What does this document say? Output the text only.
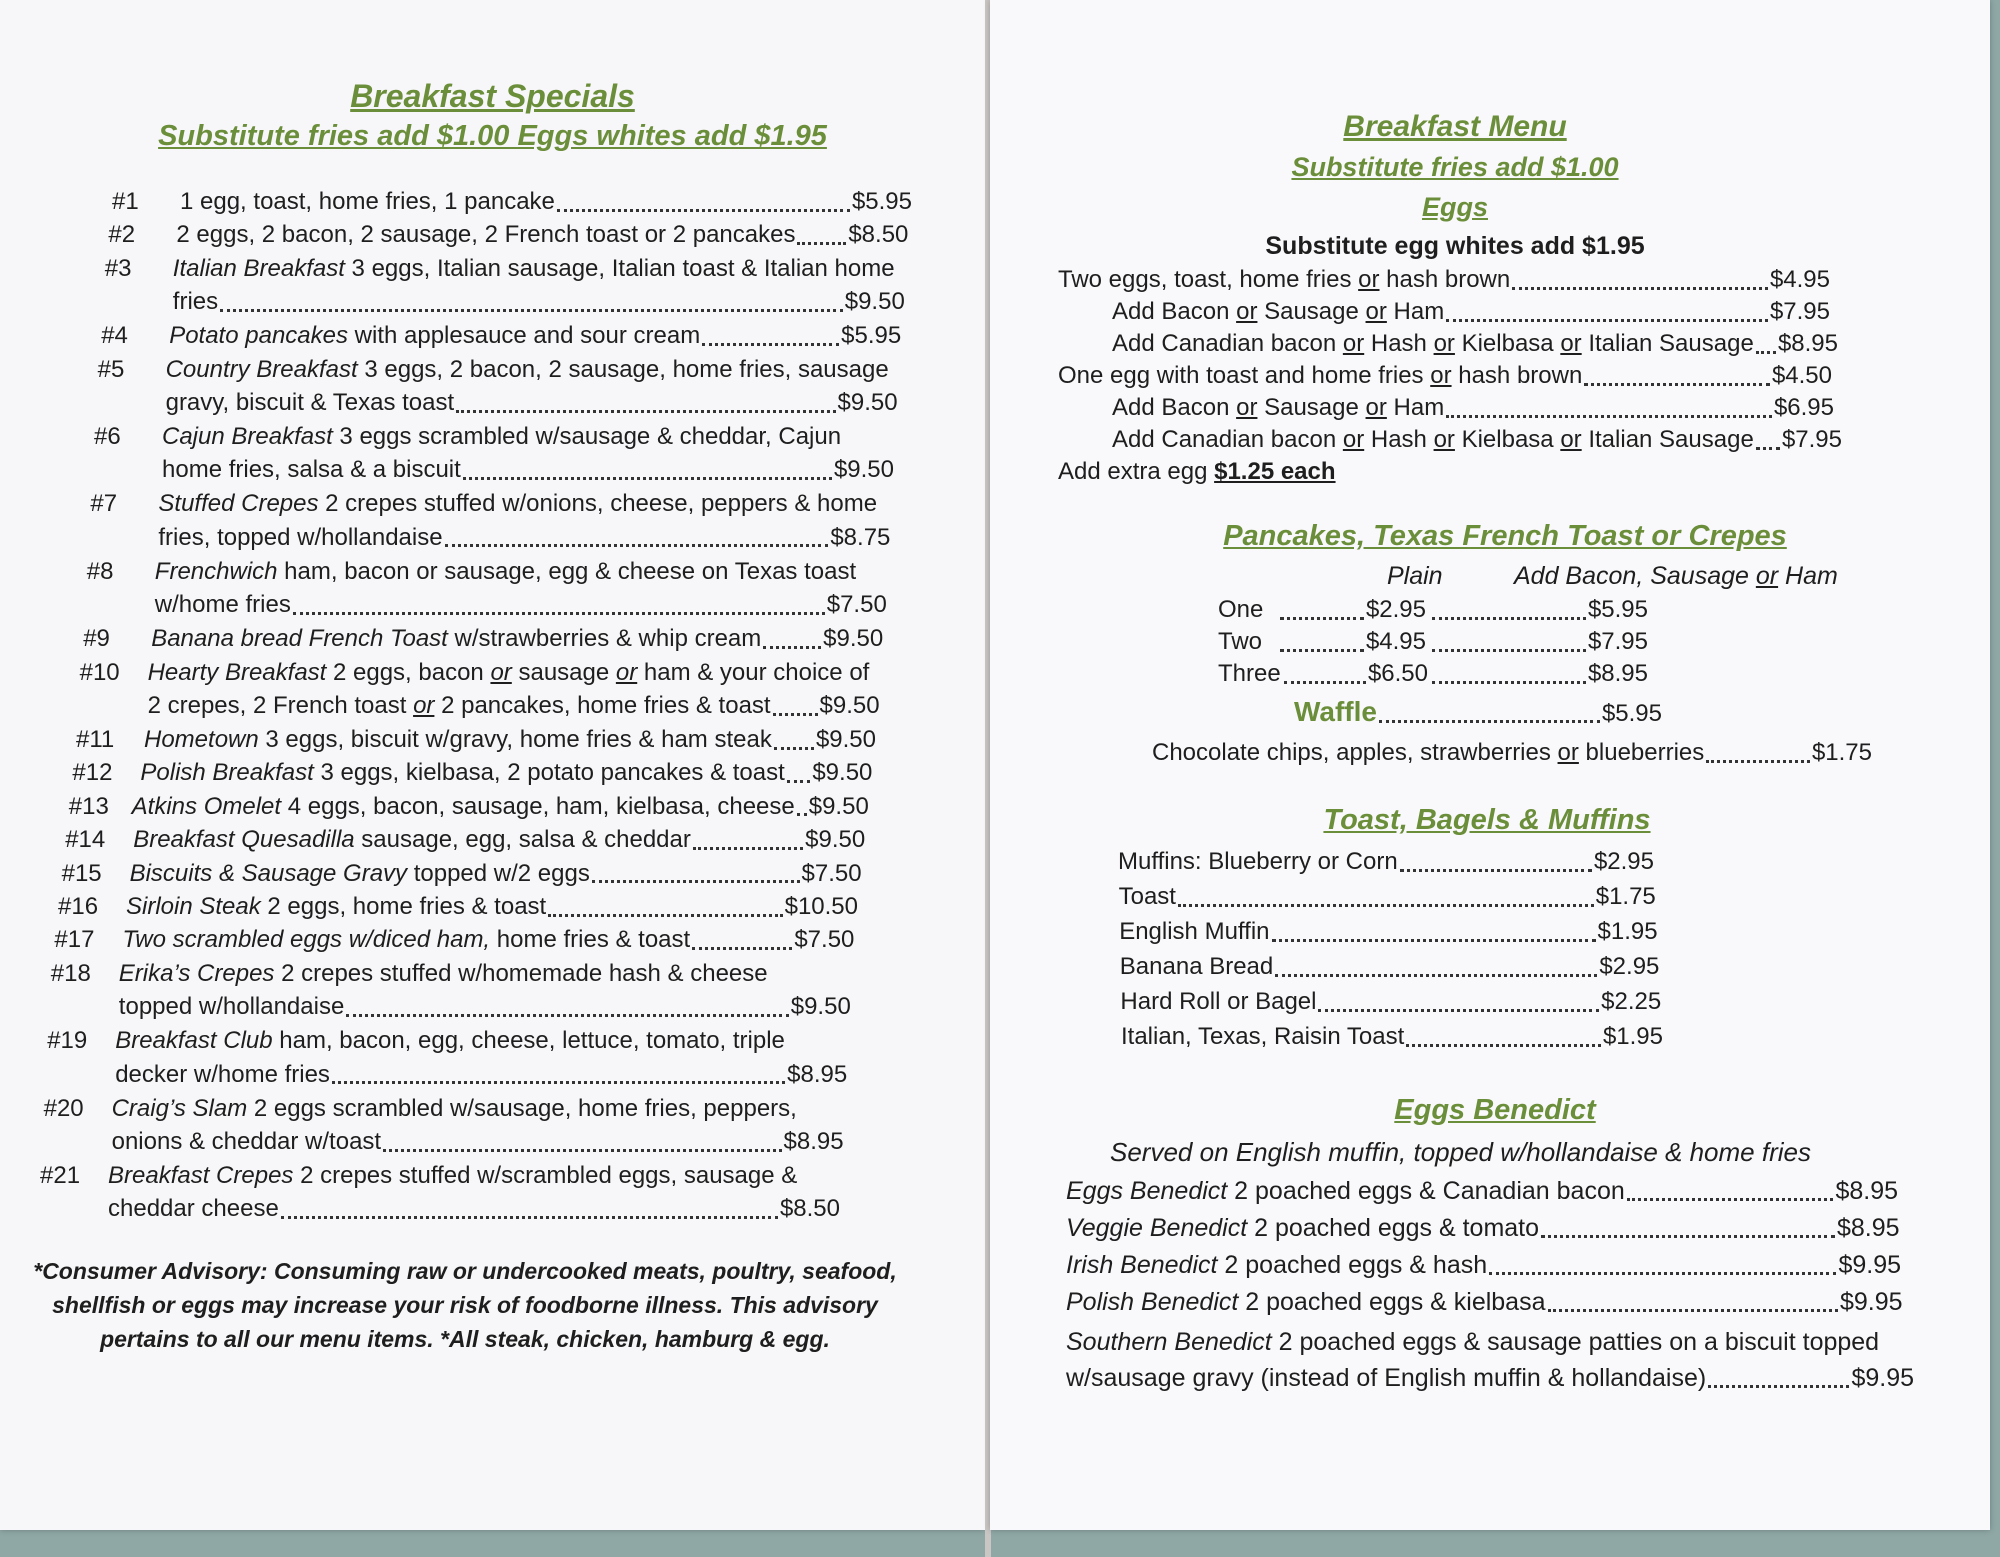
Breakfast Specials
Substitute fries add $1.00 Eggs whites add $1.95
#1	1 egg, toast, home fries, 1 pancake	$5.95
#2	2 eggs, 2 bacon, 2 sausage, 2 French toast or 2 pancakes $8.50
#3	Italian Breakfast 3 eggs, Italian sausage, Italian toast & Italian home
fries	$9.50
#4	Potato pancakes with applesauce and sour cream	$5.95
#5	Country Breakfast 3 eggs, 2 bacon, 2 sausage, home fries, sausage
gravy, biscuit & Texas toast	$9.50
#6	Cajun Breakfast 3 eggs scrambled w/sausage & cheddar, Cajun
home fries, salsa & a biscuit	$9.50
#7	Stuffed Crepes 2 crepes stuffed w/onions, cheese, peppers & home
fries, topped w/hollandaise	$8.75
#8	Frenchwich ham, bacon or sausage, egg & cheese on Texas toast
w/home fries	$7.50
#9	Banana bread French Toast w/strawberries & whip cream	$9.50
#10	Hearty Breakfast 2 eggs, bacon or sausage or ham & your choice of
2 crepes, 2 French toast or 2 pancakes, home fries & toast $9.50
#11	Hometown 3 eggs, biscuit w/gravy, home fries & ham steak $9.50
#12	Polish Breakfast 3 eggs, kielbasa, 2 potato pancakes & toast $9.50
#13 Atkins Omelet 4 eggs, bacon, sausage, ham, kielbasa, cheese $9.50
#14	Breakfast Quesadilla sausage, egg, salsa & cheddar	$9.50
#15	Biscuits & Sausage Gravy topped w/2 eggs	$7.50
#16	Sirloin Steak 2 eggs, home fries & toast	$10.50
#17	Two scrambled eggs w/diced ham, home fries & toast	$7.50
#18	Erika’s Crepes 2 crepes stuffed w/homemade hash & cheese
topped w/hollandaise	$9.50
#19	Breakfast Club ham, bacon, egg, cheese, lettuce, tomato, triple
decker w/home fries	$8.95
#20	Craig’s Slam 2 eggs scrambled w/sausage, home fries, peppers,
onions & cheddar w/toast	$8.95
#21	Breakfast Crepes 2 crepes stuffed w/scrambled eggs, sausage &
cheddar cheese	$8.50
*Consumer Advisory: Consuming raw or undercooked meats, poultry, seafood,
shellfish or eggs may increase your risk of foodborne illness. This advisory
pertains to all our menu items. *All steak, chicken, hamburg & egg.
Breakfast Menu
Substitute fries add $1.00
Eggs
Substitute egg whites add $1.95
Two eggs, toast, home fries or hash brown	$4.95
Add Bacon or Sausage or Ham	$7.95
Add Canadian bacon or Hash or Kielbasa or Italian Sausage $8.95
One egg with toast and home fries or hash brown	$4.50
Add Bacon or Sausage or Ham	$6.95
Add Canadian bacon or Hash or Kielbasa or Italian Sausage $7.95
Add extra egg $1.25 each
Pancakes, Texas French Toast or Crepes
Plain	Add Bacon, Sausage or Ham
One	$2.95	$5.95
Two	$4.95	$7.95
Three	$6.50	$8.95
Waffle	$5.95
Chocolate chips, apples, strawberries or blueberries	$1.75
Toast, Bagels & Muffins
Muffins: Blueberry or Corn	$2.95
Toast	$1.75
English Muffin	$1.95
Banana Bread	$2.95
Hard Roll or Bagel	$2.25
Italian, Texas, Raisin Toast	$1.95
Eggs Benedict
Served on English muffin, topped w/hollandaise & home fries
Eggs Benedict 2 poached eggs & Canadian bacon	$8.95
Veggie Benedict 2 poached eggs & tomato	$8.95
Irish Benedict 2 poached eggs & hash	$9.95
Polish Benedict 2 poached eggs & kielbasa	$9.95
Southern Benedict 2 poached eggs & sausage patties on a biscuit topped
w/sausage gravy (instead of English muffin & hollandaise)	$9.95
